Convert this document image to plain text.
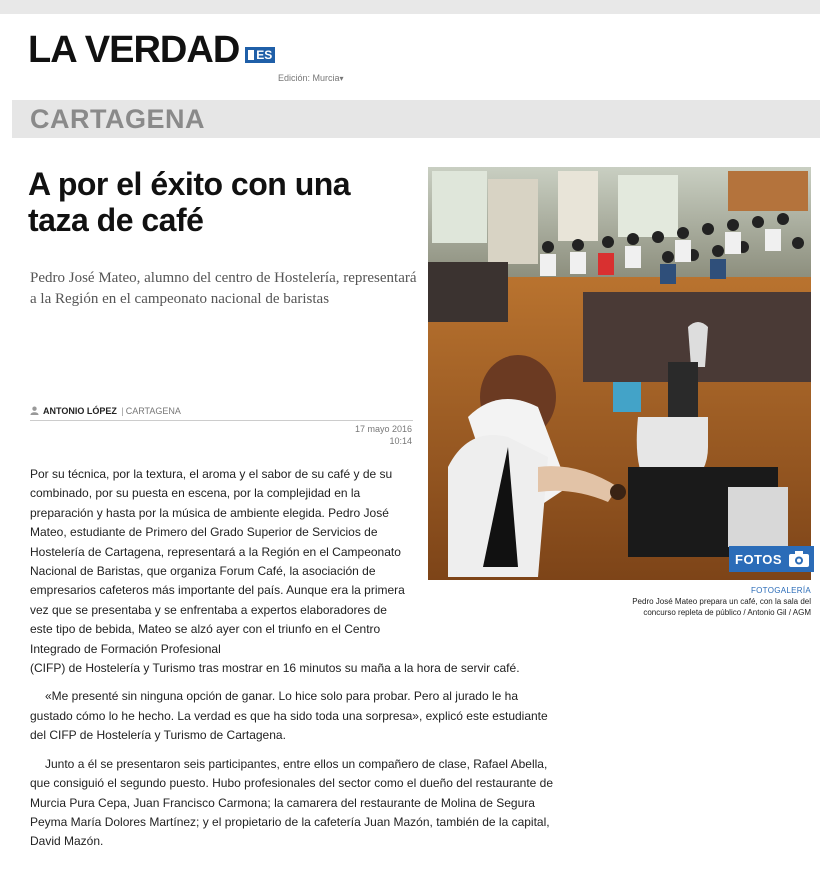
LA VERDAD ES
Edición: Murcia▾
CARTAGENA
A por el éxito con una taza de café

Pedro José Mateo, alumno del centro de Hostelería, representará a la Región en el campeonato nacional de baristas

ANTONIO LÓPEZ | CARTAGENA
17 mayo 2016
10:14
FOTOS
FOTOGALERÍA
Pedro José Mateo prepara un café, con la sala del concurso repleta de público / Antonio Gil / AGM

Por su técnica, por la textura, el aroma y el sabor de su café y de su combinado, por su puesta en escena, por la complejidad en la preparación y hasta por la música de ambiente elegida. Pedro José Mateo, estudiante de Primero del Grado Superior de Servicios de Hostelería de Cartagena, representará a la Región en el Campeonato Nacional de Baristas, que organiza Forum Café, la asociación de empresarios cafeteros más importante del país. Aunque era la primera vez que se presentaba y se enfrentaba a expertos elaboradores de este tipo de bebida, Mateo se alzó ayer con el triunfo en el Centro Integrado de Formación Profesional

(CIFP) de Hostelería y Turismo tras mostrar en 16 minutos su maña a la hora de servir café.

«Me presenté sin ninguna opción de ganar. Lo hice solo para probar. Pero al jurado le ha gustado cómo lo he hecho. La verdad es que ha sido toda una sorpresa», explicó este estudiante del CIFP de Hostelería y Turismo de Cartagena.

Junto a él se presentaron seis participantes, entre ellos un compañero de clase, Rafael Abella, que consiguió el segundo puesto. Hubo profesionales del sector como el dueño del restaurante de Murcia Pura Cepa, Juan Francisco Carmona; la camarera del restaurante de Molina de Segura Peyma María Dolores Martínez; y el propietario de la cafetería Juan Mazón, también de la capital, David Mazón.
